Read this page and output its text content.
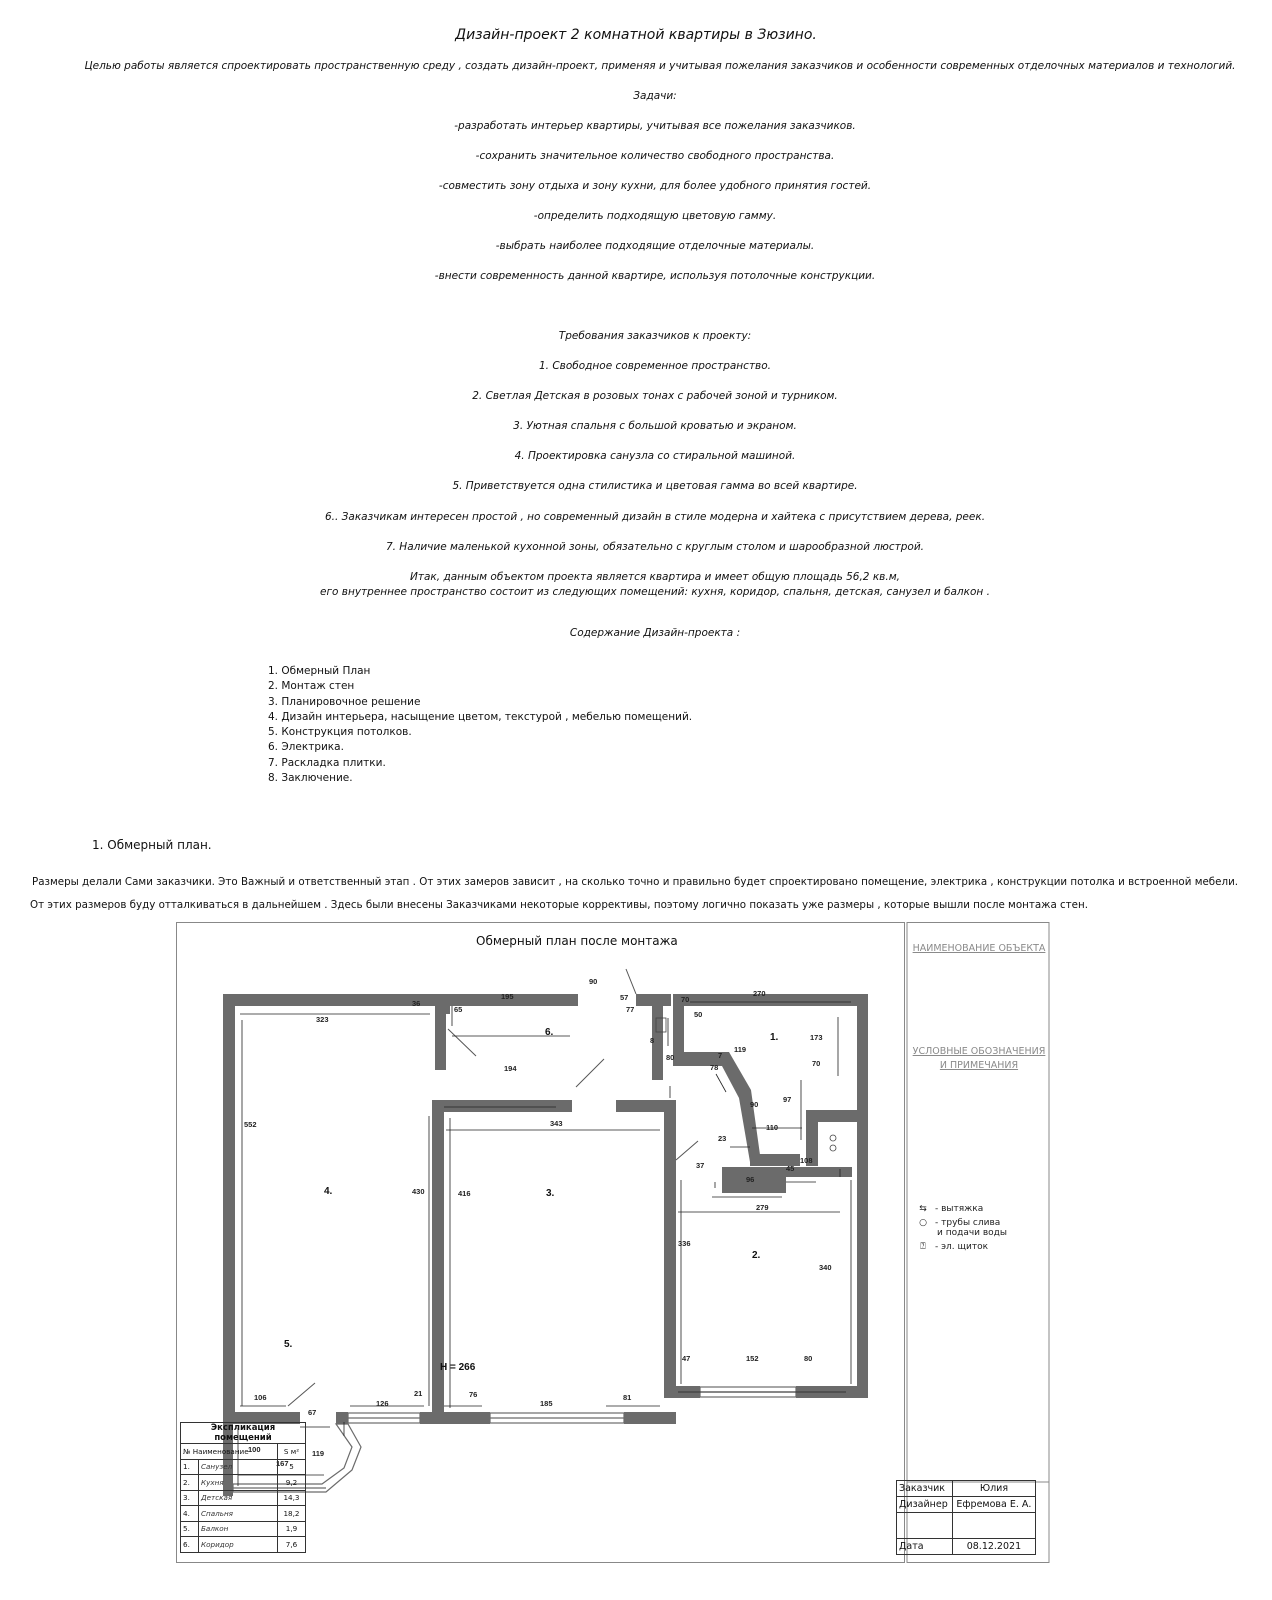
Дизайн-проект 2 комнатной квартиры в Зюзино.
Целью работы является спроектировать пространственную среду , создать дизайн-проект, применяя и учитывая пожелания заказчиков и особенности современных отделочных материалов и технологий.
Задачи:
-разработать интерьер квартиры, учитывая все пожелания заказчиков.
-сохранить значительное количество свободного пространства.
-совместить зону отдыха и зону кухни, для более удобного принятия гостей.
-определить подходящую цветовую гамму.
-выбрать наиболее подходящие отделочные материалы.
-внести современность данной квартире, используя потолочные конструкции.
Требования заказчиков к проекту:
1. Свободное современное пространство.
2. Светлая Детская в розовых тонах с рабочей зоной и турником.
3. Уютная спальня с большой кроватью и экраном.
4. Проектировка санузла со стиральной машиной.
5. Приветствуется одна стилистика и цветовая гамма во всей квартире.
6.. Заказчикам интересен простой , но современный дизайн в стиле модерна и хайтека с присутствием дерева, реек.
7. Наличие маленькой кухонной зоны, обязательно с круглым столом и шарообразной люстрой.
Итак, данным объектом проекта является квартира и имеет общую площадь 56,2 кв.м,
его внутреннее пространство состоит из следующих помещений: кухня, коридор, спальня, детская, санузел и балкон .
Содержание Дизайн-проекта :
1. Обмерный План
2. Монтаж стен
3. Планировочное решение
4. Дизайн интерьера, насыщение цветом, текстурой , мебелью помещений.
5. Конструкция потолков.
6. Электрика.
7. Раскладка плитки.
8. Заключение.
1. Обмерный план.
Размеры делали Сами заказчики. Это Важный и ответственный этап . От этих замеров зависит , на сколько точно и правильно будет спроектировано помещение, электрика , конструкции потолка и встроенной мебели.
От этих размеров буду отталкиваться в дальнейшем . Здесь были внесены Заказчиками некоторые коррективы, поэтому логично показать уже размеры , которые вышли после монтажа стен.
1.
2.
3.
4.
5.
6.
323
36
195
65
90
57
77
70
270
50
173
8
80
194
7
119
78	70
97
90
110
343
23
37
96
45
108
552
430	416
279
336
340
106
67
126
21	76
185
81
100	119
167
47	152	80
Обмерный план после монтажа
H = 266
НАИМЕНОВАНИЕ ОБЪЕКТА
УСЛОВНЫЕ ОБОЗНАЧЕНИЯ
И ПРИМЕЧАНИЯ
⇆ - вытяжка
○ - трубы слива
и подачи воды
⍰	- эл. щиток
Экспликация помещений		
№ Наименование		S м²
1.	Санузел	5
2.	Кухня	9,2
3.	Детская	14,3
4.	Спальня	18,2
5.	Балкон	1,9
6.	Коридор	7,6
Заказчик	Юлия
Дизайнер	Ефремова Е. А.

Дата	08.12.2021
